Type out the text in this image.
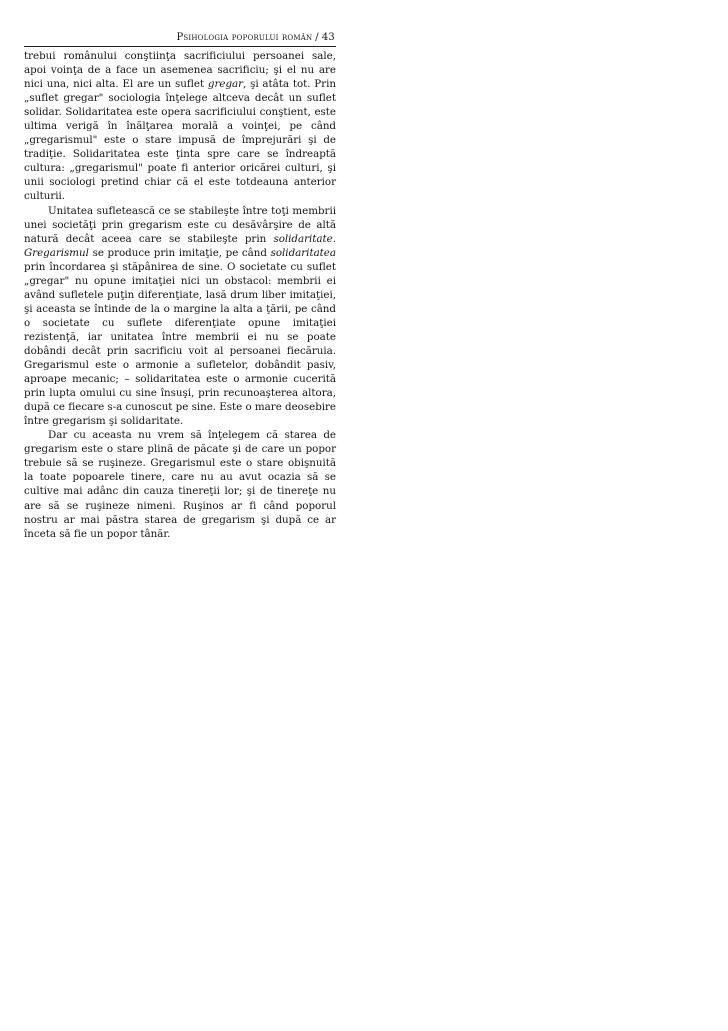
Psihologia poporului român / 43

trebui românului conştiinţa sacrificiului persoanei sale, apoi voinţa de a face un asemenea sacrificiu; şi el nu are nici una, nici alta. El are un suflet gregar, şi atâta tot. Prin „suflet gregar" sociologia înţelege altceva decât un suflet solidar. Solidaritatea este opera sacrificiului conştient, este ultima verigă în înălţarea morală a voinţei, pe când „gregarismul" este o stare impusă de împrejurări şi de tradiţie. Solidaritatea este ţinta spre care se îndreaptă cultura: „gregarismul" poate fi anterior oricărei culturi, şi unii sociologi pretind chiar că el este totdeauna anterior culturii.

Unitatea sufletească ce se stabileşte între toţi membrii unei societăţi prin gregarism este cu desăvârşire de altă natură decât aceea care se stabileşte prin solidaritate. Gregarismul se produce prin imitaţie, pe când solidaritatea prin încordarea şi stăpânirea de sine. O societate cu suflet „gregar" nu opune imitaţiei nici un obstacol: membrii ei având sufletele puţin diferenţiate, lasă drum liber imitaţiei, şi aceasta se întinde de la o margine la alta a ţării, pe când o societate cu suflete diferenţiate opune imitaţiei rezistenţă, iar unitatea între membrii ei nu se poate dobândi decât prin sacrificiu voit al persoanei fiecăruia. Gregarismul este o armonie a sufletelor, dobândit pasiv, aproape mecanic; – solidaritatea este o armonie cucerită prin lupta omului cu sine însuşi, prin recunoaşterea altora, după ce fiecare s-a cunoscut pe sine. Este o mare deosebire între gregarism şi solidaritate.

Dar cu aceasta nu vrem să înţelegem că starea de gregarism este o stare plină de păcate şi de care un popor trebuie să se ruşineze. Gregarismul este o stare obişnuită la toate popoarele tinere, care nu au avut ocazia să se cultive mai adânc din cauza tinereţii lor; şi de tinereţe nu are să se ruşineze nimeni. Ruşinos ar fi când poporul nostru ar mai păstra starea de gregarism şi după ce ar înceta să fie un popor tânăr.
